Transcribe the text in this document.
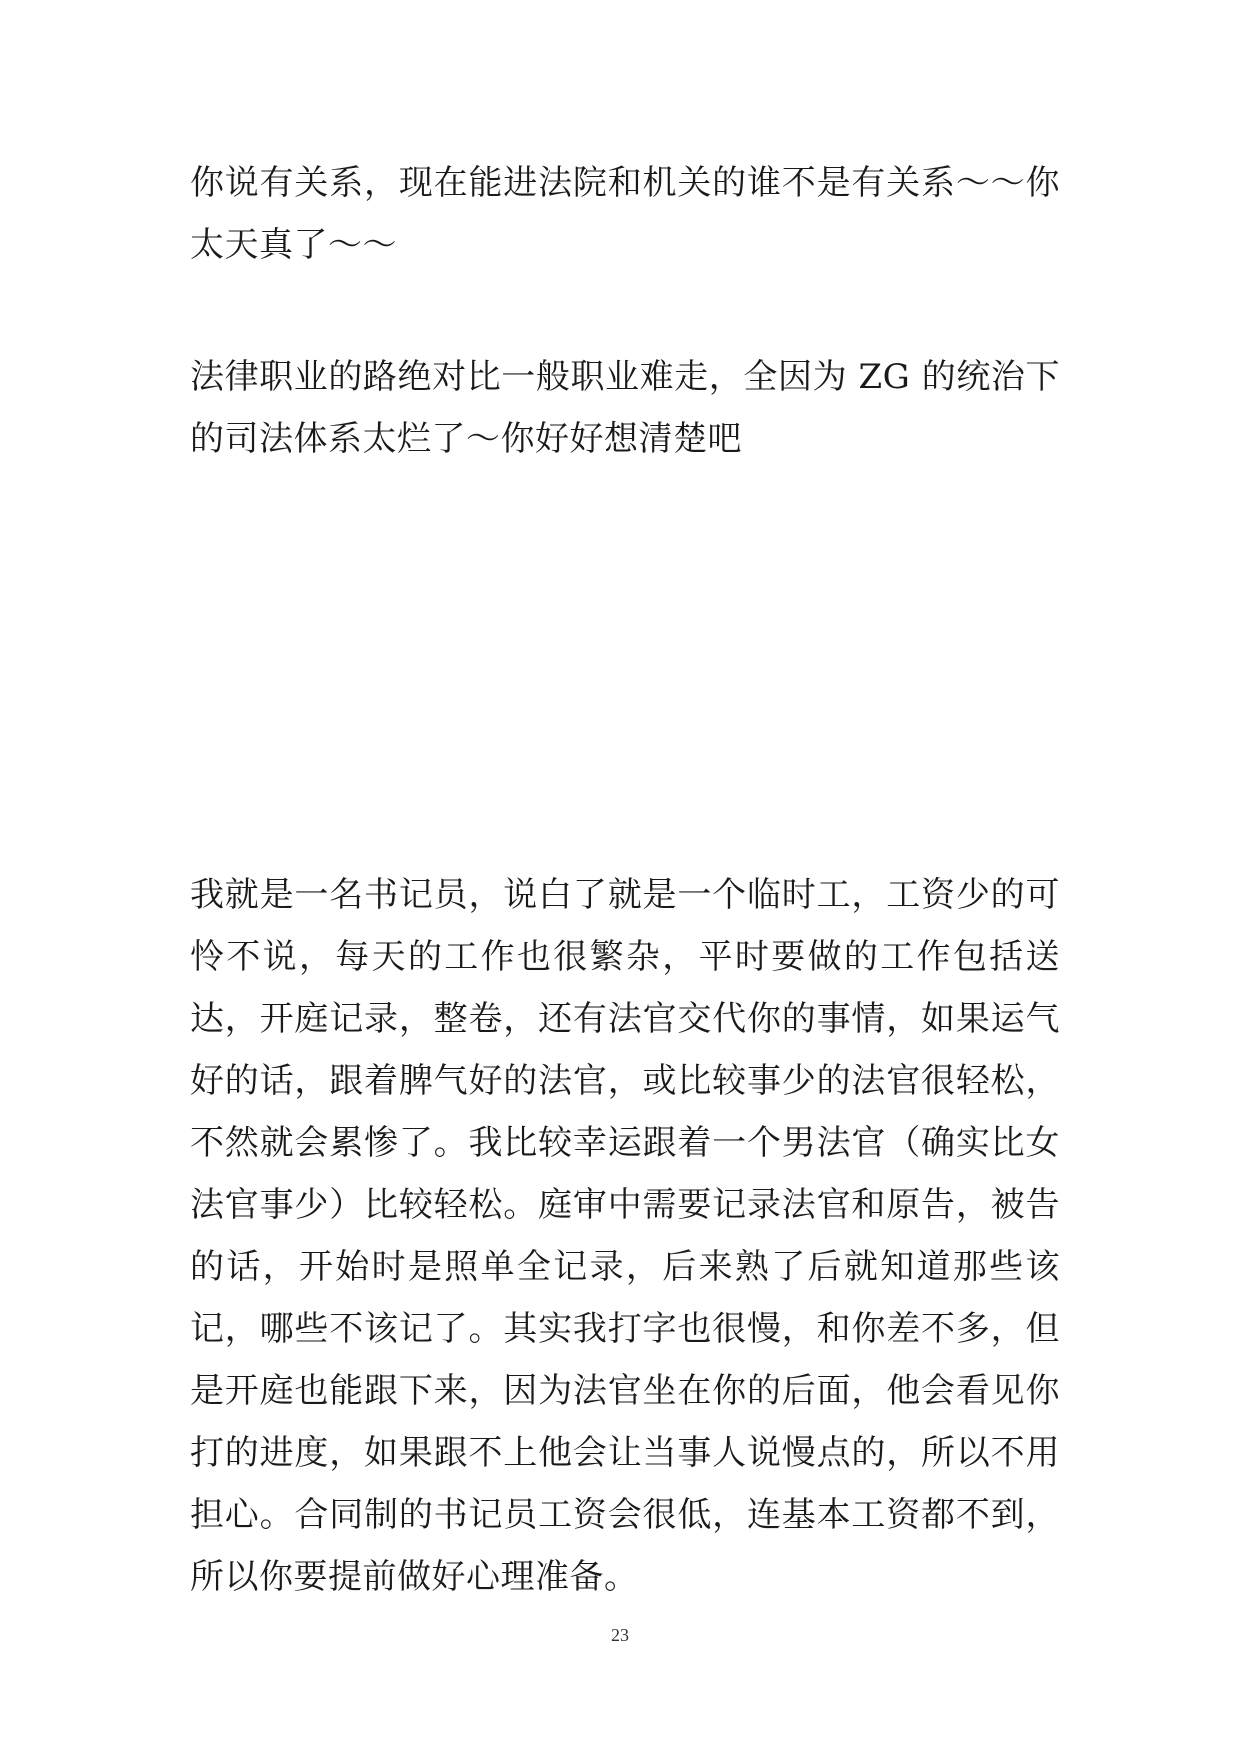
你说有关系，现在能进法院和机关的谁不是有关系～～你太天真了～～

法律职业的路绝对比一般职业难走，全因为 ZG 的统治下的司法体系太烂了～你好好想清楚吧

我就是一名书记员，说白了就是一个临时工，工资少的可怜不说，每天的工作也很繁杂，平时要做的工作包括送达，开庭记录，整卷，还有法官交代你的事情，如果运气好的话，跟着脾气好的法官，或比较事少的法官很轻松，不然就会累惨了。我比较幸运跟着一个男法官（确实比女法官事少）比较轻松。庭审中需要记录法官和原告，被告的话，开始时是照单全记录，后来熟了后就知道那些该记，哪些不该记了。其实我打字也很慢，和你差不多，但是开庭也能跟下来，因为法官坐在你的后面，他会看见你打的进度，如果跟不上他会让当事人说慢点的，所以不用担心。合同制的书记员工资会很低，连基本工资都不到，所以你要提前做好心理准备。

23
